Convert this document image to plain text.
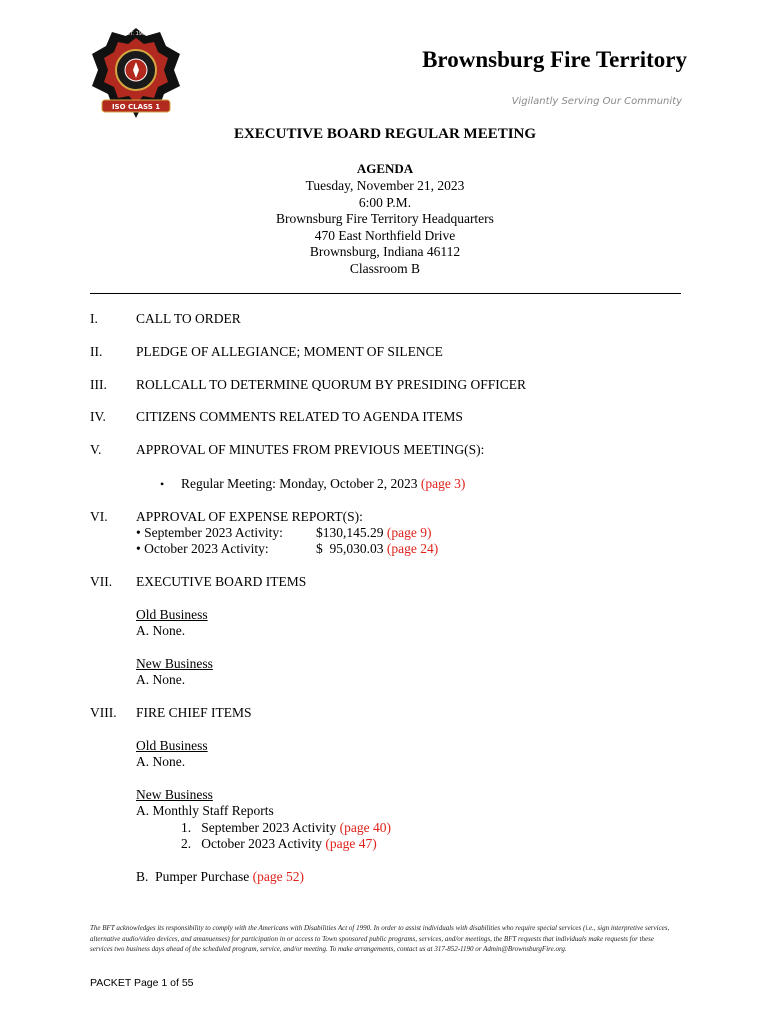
ISO CLASS 1
EST. 1901
Brownsburg Fire Territory
Vigilantly Serving Our Community
EXECUTIVE BOARD REGULAR MEETING
AGENDA
Tuesday, November 21, 2023
6:00 P.M.
Brownsburg Fire Territory Headquarters
470 East Northfield Drive
Brownsburg, Indiana 46112
Classroom B
I.	CALL TO ORDER
II. PLEDGE OF ALLEGIANCE; MOMENT OF SILENCE
III. ROLLCALL TO DETERMINE QUORUM BY PRESIDING OFFICER
IV. CITIZENS COMMENTS RELATED TO AGENDA ITEMS
V.	APPROVAL OF MINUTES FROM PREVIOUS MEETING(S):
• Regular Meeting: Monday, October 2, 2023 (page 3)
VI. APPROVAL OF EXPENSE REPORT(S):
• September 2023 Activity: $130,145.29 (page 9)
• October 2023 Activity:	$  95,030.03 (page 24)
VII. EXECUTIVE BOARD ITEMS
Old Business
A. None.
New Business
A. None.
VIII. FIRE CHIEF ITEMS
Old Business
A. None.
New Business
A. Monthly Staff Reports
1.   September 2023 Activity (page 40)
2.   October 2023 Activity (page 47)
B.  Pumper Purchase (page 52)
The BFT acknowledges its responsibility to comply with the Americans with Disabilities Act of 1990. In order to assist individuals with disabilities who require special services (i.e., sign interpretive services, alternative audio/video devices, and amanuenses) for participation in or access to Town sponsored public programs, services, and/or meetings, the BFT requests that individuals make requests for these services two business days ahead of the scheduled program, service, and/or meeting. To make arrangements, contact us at 317-852-1190 or Admin@BrownsburgFire.org.
PACKET Page 1 of 55
